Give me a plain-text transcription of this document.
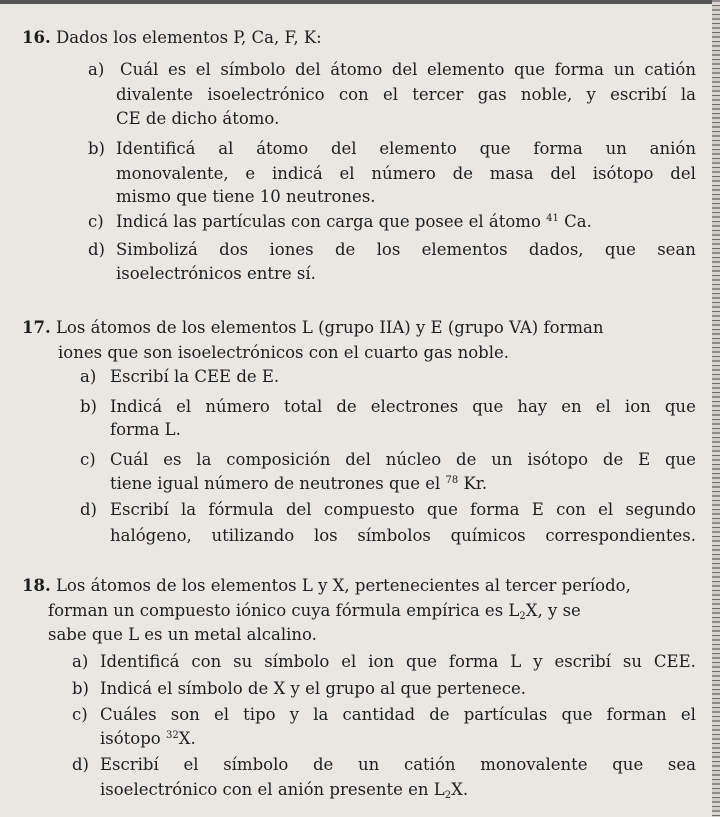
16. Dados los elementos P, Ca, F, K:
a) Cuál es el símbolo del átomo del elemento que forma un catión
divalente isoelectrónico con el tercer gas noble, y escribí la
CE de dicho átomo.
b) Identificá al átomo del elemento que forma un anión
monovalente, e indicá el número de masa del isótopo del
mismo que tiene 10 neutrones.
c) Indicá las partículas con carga que posee el átomo $^{41}$ Ca.
d) Simbolizá dos iones de los elementos dados, que sean
isoelectrónicos entre sí.
17. Los átomos de los elementos L (grupo IIA) y E (grupo VA) forman
iones que son isoelectrónicos con el cuarto gas noble.
a) Escribí la CEE de E.
b) Indicá el número total de electrones que hay en el ion que
forma L.
c) Cuál es la composición del núcleo de un isótopo de E que
tiene igual número de neutrones que el $^{78}$ Kr.
d) Escribí la fórmula del compuesto que forma E con el segundo
halógeno, utilizando los símbolos químicos correspondientes.
18. Los átomos de los elementos L y X, pertenecientes al tercer período,
forman un compuesto iónico cuya fórmula empírica es $L_2X$, y se
sabe que L es un metal alcalino.
a) Identificá con su símbolo el ion que forma L y escribí su CEE.
b) Indicá el símbolo de X y el grupo al que pertenece.
c) Cuáles son el tipo y la cantidad de partículas que forman el
isótopo $^{32}$X.
d) Escribí el símbolo de un catión monovalente que sea
isoelectrónico con el anión presente en $L_2X$.
